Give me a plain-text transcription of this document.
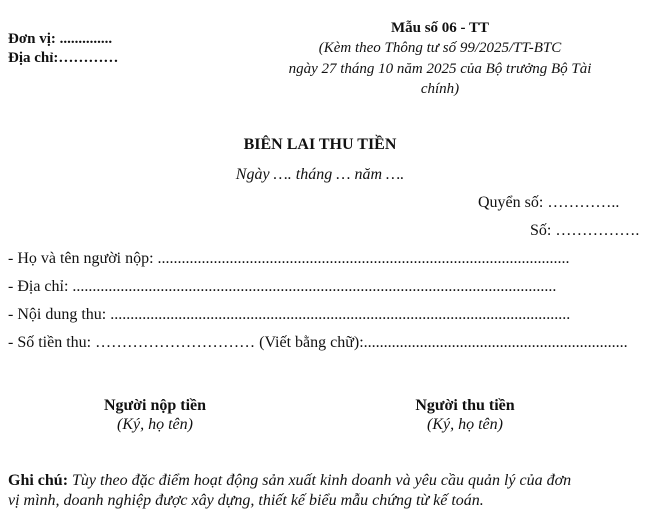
Đơn vị: ..............
Địa chỉ:…………
Mẫu số 06 - TT
(Kèm theo Thông tư số 99/2025/TT-BTC
ngày 27 tháng 10 năm 2025 của Bộ trưởng Bộ Tài
chính)
BIÊN LAI THU TIỀN
Ngày …. tháng … năm ….
Quyển số: …………..
Số: …………….
- Họ và tên người nộp: .......................................................................................................
- Địa chỉ: .........................................................................................................................
- Nội dung thu: ...................................................................................................................
- Số tiền thu: ………………………… (Viết bằng chữ):..................................................................
Người nộp tiền
(Ký, họ tên)
Người thu tiền
(Ký, họ tên)
Ghi chú: Tùy theo đặc điểm hoạt động sản xuất kinh doanh và yêu cầu quản lý của đơn
vị mình, doanh nghiệp được xây dựng, thiết kế biểu mẫu chứng từ kế toán.
